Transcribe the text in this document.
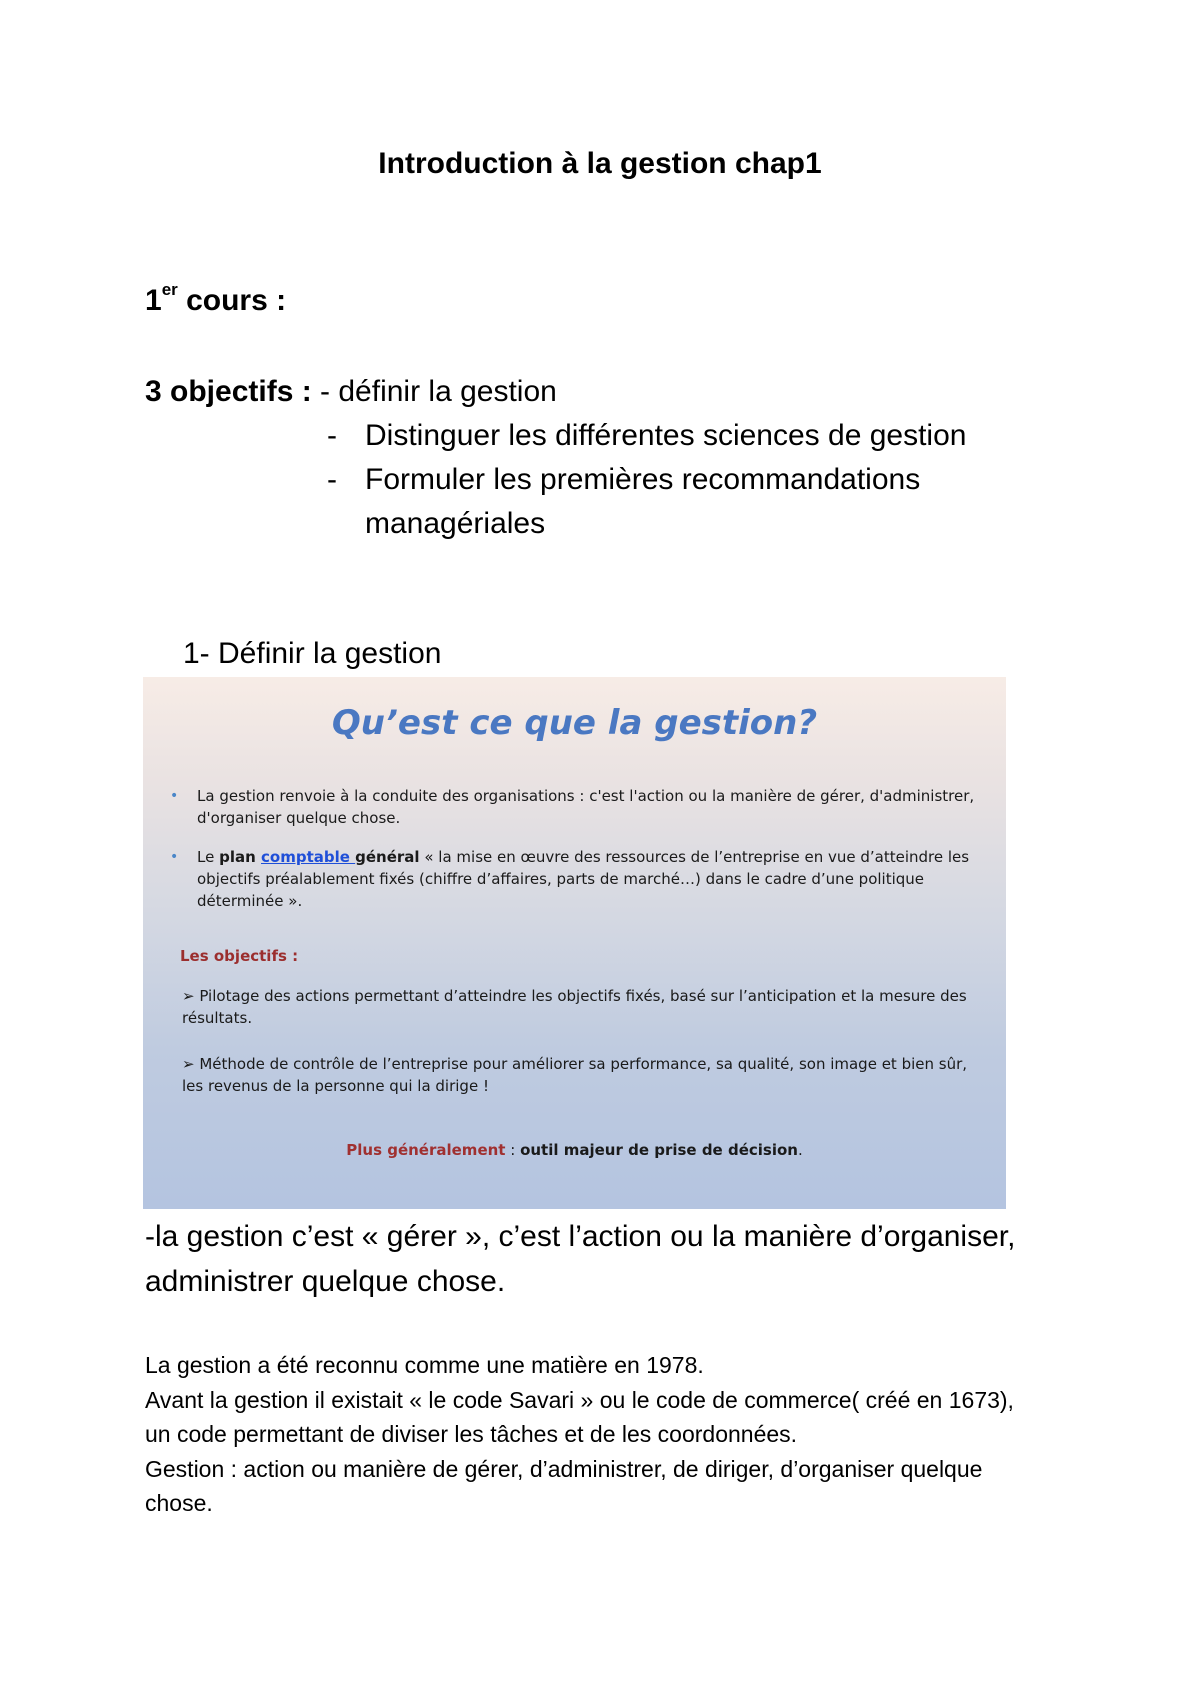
Introduction à la gestion chap1
1er cours :
3 objectifs : - définir la gestion
- Distinguer les différentes sciences de gestion
- Formuler les premières recommandations
managériales
1- Définir la gestion
Qu’est ce que la gestion?
• La gestion renvoie à la conduite des organisations : c'est l'action ou la manière de gérer, d'administrer, d'organiser quelque chose.
• Le plan comptable général « la mise en œuvre des ressources de l’entreprise en vue d’atteindre les objectifs préalablement fixés (chiffre d’affaires, parts de marché…) dans le cadre d’une politique déterminée ».
Les objectifs :
➢ Pilotage des actions permettant d’atteindre les objectifs fixés, basé sur l’anticipation et la mesure des résultats.
➢ Méthode de contrôle de l’entreprise pour améliorer sa performance, sa qualité, son image et bien sûr, les revenus de la personne qui la dirige !
Plus généralement : outil majeur de prise de décision.
-la gestion c’est « gérer », c’est l’action ou la manière d’organiser, administrer quelque chose.
La gestion a été reconnu comme une matière en 1978.
Avant la gestion il existait « le code Savari » ou le code de commerce( créé en 1673), un code permettant de diviser les tâches et de les coordonnées.
Gestion : action ou manière de gérer, d’administrer, de diriger, d’organiser quelque chose.
